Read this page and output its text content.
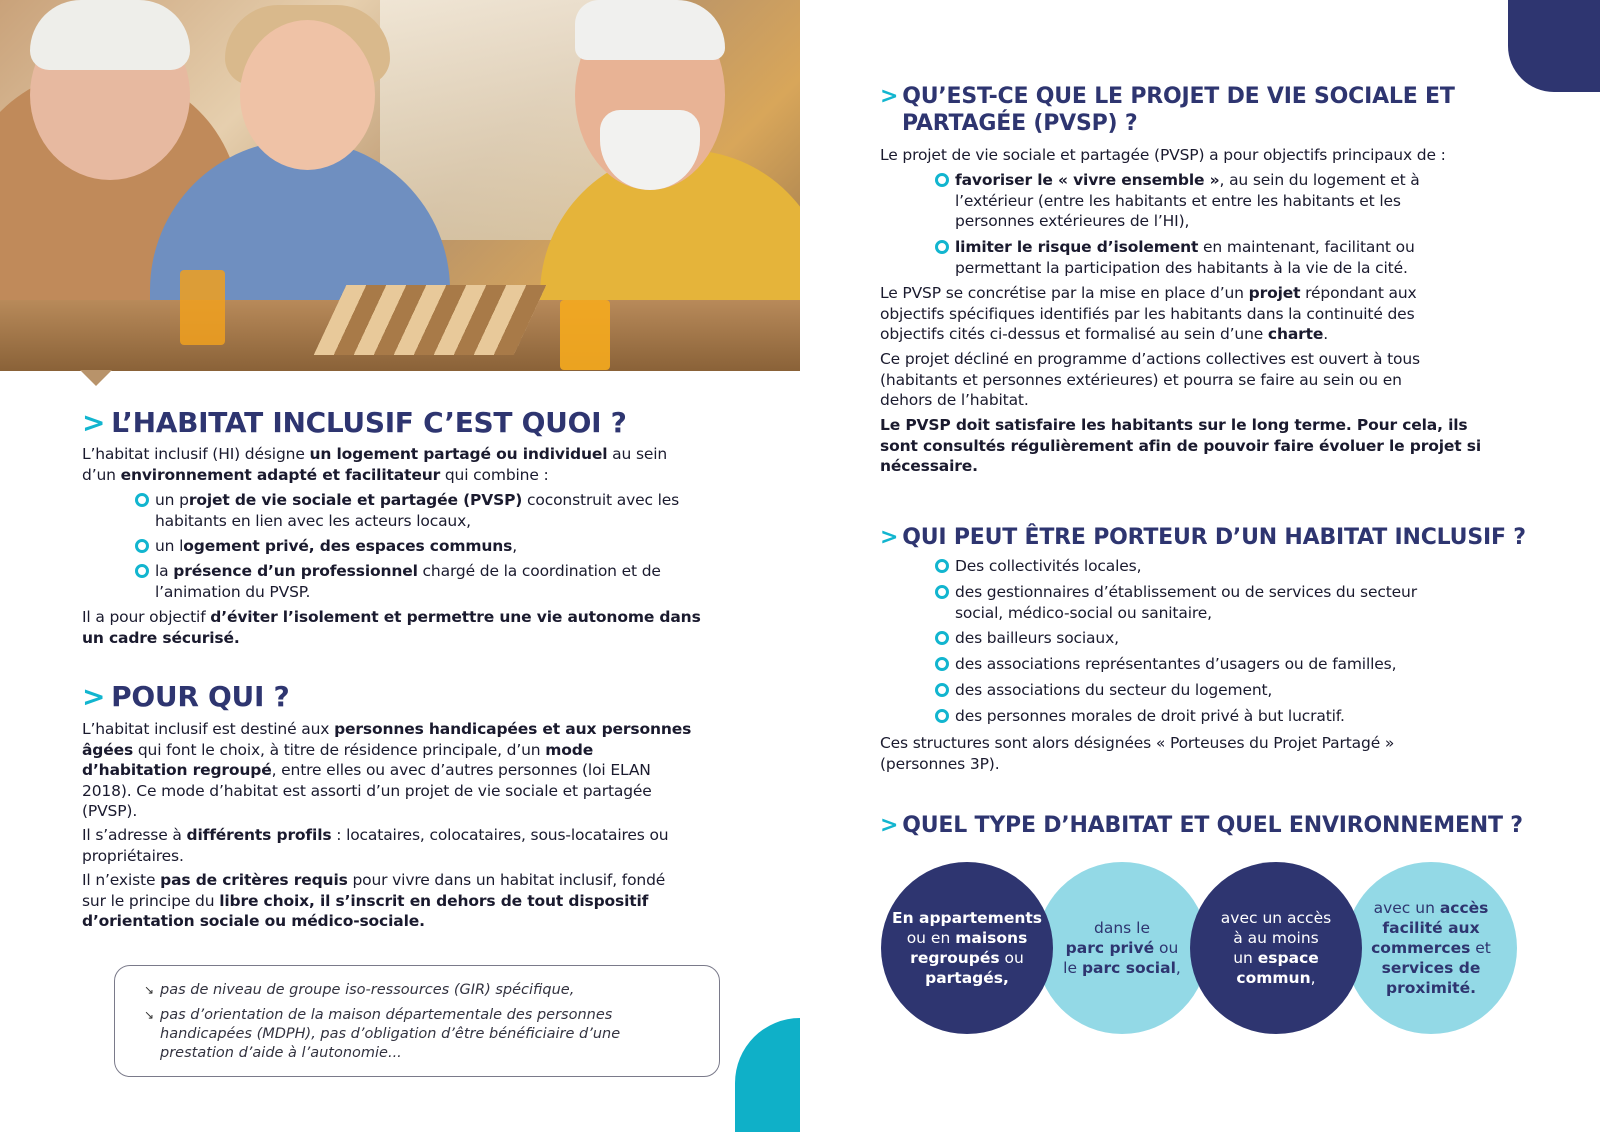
> L’HABITAT INCLUSIF C’EST QUOI ?
L’habitat inclusif (HI) désigne un logement partagé ou individuel au sein
d’un environnement adapté et facilitateur qui combine :
un projet de vie sociale et partagée (PVSP) coconstruit avec les
habitants en lien avec les acteurs locaux,
un logement privé, des espaces communs,
la présence d’un professionnel chargé de la coordination et de
l’animation du PVSP.
Il a pour objectif d’éviter l’isolement et permettre une vie autonome dans
un cadre sécurisé.
> POUR QUI ?
L’habitat inclusif est destiné aux personnes handicapées et aux personnes
âgées qui font le choix, à titre de résidence principale, d’un mode
d’habitation regroupé, entre elles ou avec d’autres personnes (loi ELAN
2018). Ce mode d’habitat est assorti d’un projet de vie sociale et partagée
(PVSP).
Il s’adresse à différents profils : locataires, colocataires, sous-locataires ou
propriétaires.
Il n’existe pas de critères requis pour vivre dans un habitat inclusif, fondé
sur le principe du libre choix, il s’inscrit en dehors de tout dispositif
d’orientation sociale ou médico-sociale.
↘ pas de niveau de groupe iso-ressources (GIR) spécifique,
↘ pas d’orientation de la maison départementale des personnes
handicapées (MDPH), pas d’obligation d’être bénéficiaire d’une
prestation d’aide à l’autonomie...
> QU’EST-CE QUE LE PROJET DE VIE SOCIALE ET
PARTAGÉE (PVSP) ?
Le projet de vie sociale et partagée (PVSP) a pour objectifs principaux de :
favoriser le « vivre ensemble », au sein du logement et à
l’extérieur (entre les habitants et entre les habitants et les
personnes extérieures de l’HI),
limiter le risque d’isolement en maintenant, facilitant ou
permettant la participation des habitants à la vie de la cité.
Le PVSP se concrétise par la mise en place d’un projet répondant aux
objectifs spécifiques identifiés par les habitants dans la continuité des
objectifs cités ci-dessus et formalisé au sein d’une charte.
Ce projet décliné en programme d’actions collectives est ouvert à tous
(habitants et personnes extérieures) et pourra se faire au sein ou en
dehors de l’habitat.
Le PVSP doit satisfaire les habitants sur le long terme. Pour cela, ils
sont consultés régulièrement afin de pouvoir faire évoluer le projet si
nécessaire.
> QUI PEUT ÊTRE PORTEUR D’UN HABITAT INCLUSIF ?
Des collectivités locales,
des gestionnaires d’établissement ou de services du secteur
social, médico-social ou sanitaire,
des bailleurs sociaux,
des associations représentantes d’usagers ou de familles,
des associations du secteur du logement,
des personnes morales de droit privé à but lucratif.
Ces structures sont alors désignées « Porteuses du Projet Partagé »
(personnes 3P).
> QUEL TYPE D’HABITAT ET QUEL ENVIRONNEMENT ?
dans le
parc privé ou
le parc social,
avec un accès
facilité aux
commerces et
services de
proximité.
En appartements
ou en maisons
regroupés ou
partagés,
avec un accès
à au moins
un espace
commun,
